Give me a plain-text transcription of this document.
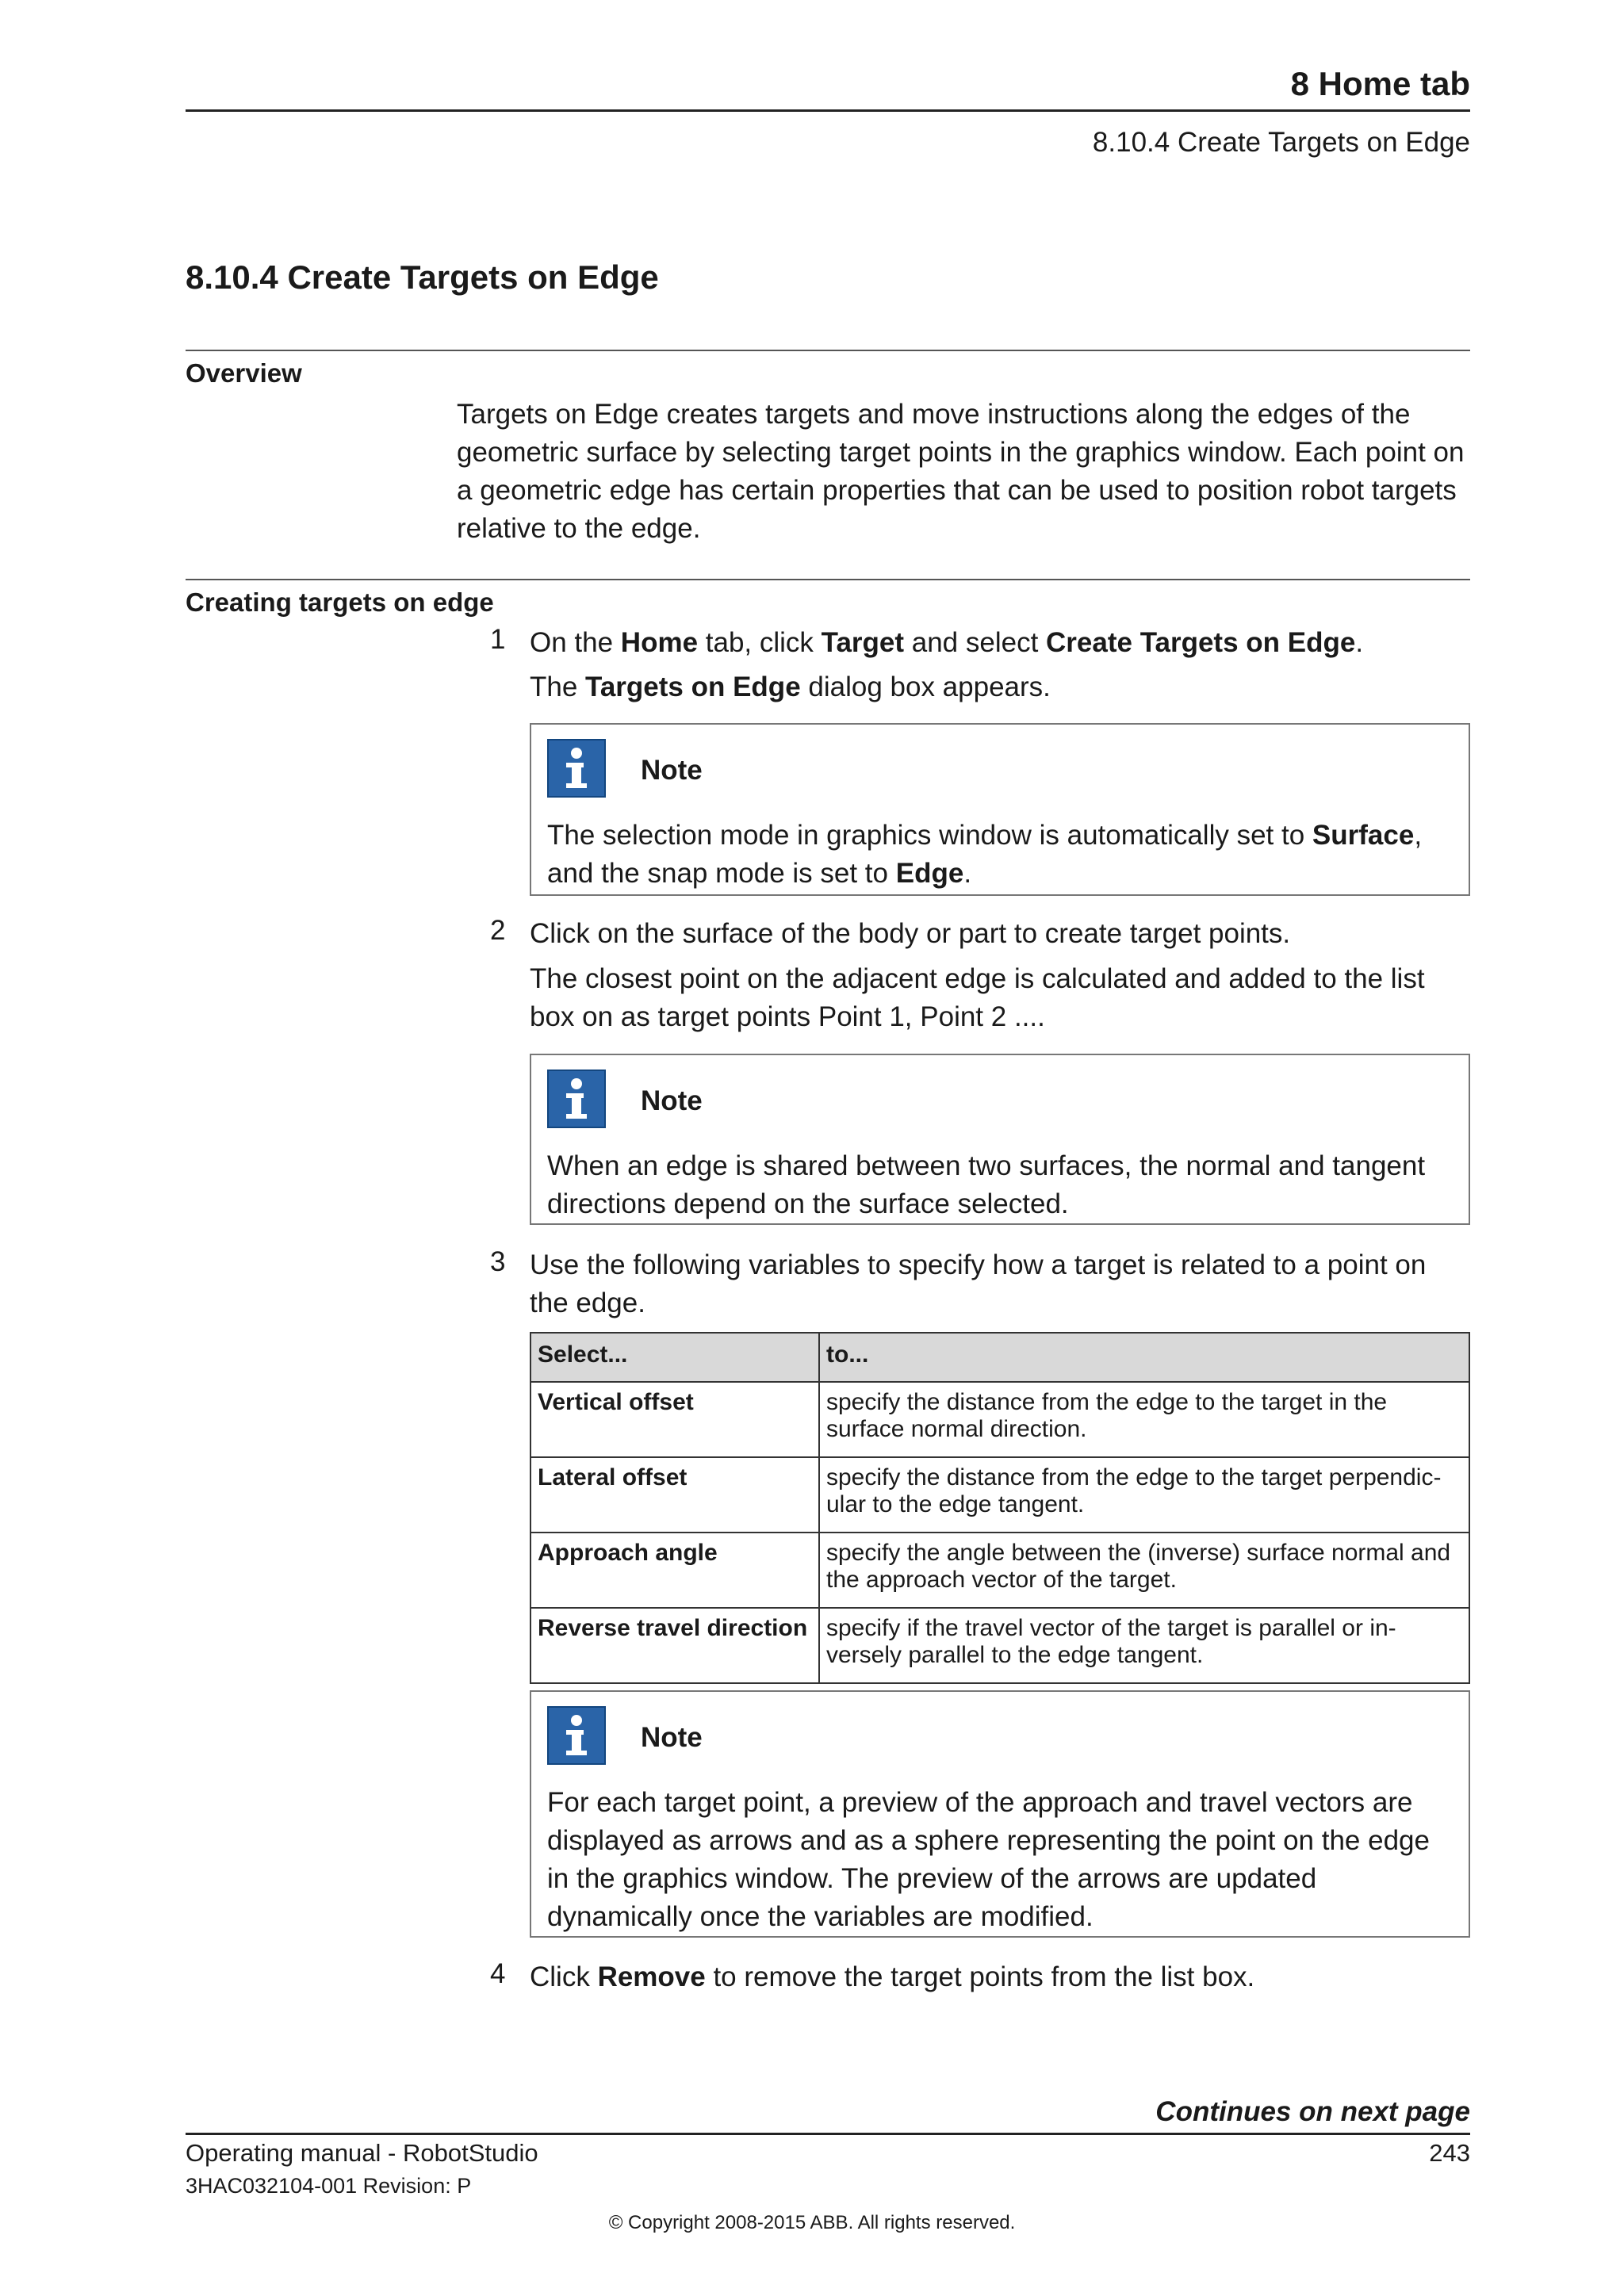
8 Home tab
8.10.4 Create Targets on Edge
8.10.4 Create Targets on Edge
Overview
Targets on Edge creates targets and move instructions along the edges of the geometric surface by selecting target points in the graphics window. Each point on a geometric edge has certain properties that can be used to position robot targets relative to the edge.
Creating targets on edge
1 On the Home tab, click Target and select Create Targets on Edge.
The Targets on Edge dialog box appears.
Note
The selection mode in graphics window is automatically set to Surface, and the snap mode is set to Edge.
2 Click on the surface of the body or part to create target points.
The closest point on the adjacent edge is calculated and added to the list box on as target points Point 1, Point 2 ....
Note
When an edge is shared between two surfaces, the normal and tangent directions depend on the surface selected.
3 Use the following variables to specify how a target is related to a point on the edge.
Select...	to...
Vertical offset	specify the distance from the edge to the target in the surface normal direction.
Lateral offset	specify the distance from the edge to the target perpendic- ular to the edge tangent.
Approach angle	specify the angle between the (inverse) surface normal and the approach vector of the target.
Reverse travel direction	specify if the travel vector of the target is parallel or in- versely parallel to the edge tangent.
Note
For each target point, a preview of the approach and travel vectors are displayed as arrows and as a sphere representing the point on the edge in the graphics window. The preview of the arrows are updated dynamically once the variables are modified.
4 Click Remove to remove the target points from the list box.
Continues on next page
Operating manual - RobotStudio	243
3HAC032104-001 Revision: P
© Copyright 2008-2015 ABB. All rights reserved.
